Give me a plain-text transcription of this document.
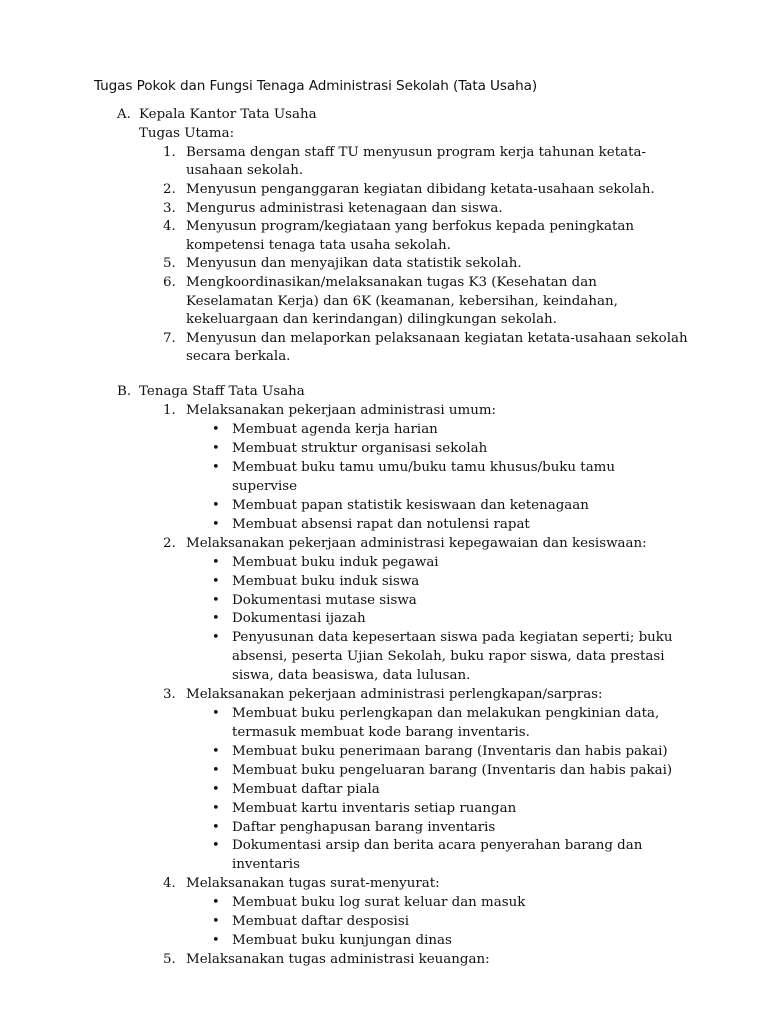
Tugas Pokok dan Fungsi Tenaga Administrasi Sekolah (Tata Usaha)
A. Kepala Kantor Tata Usaha
Tugas Utama:
1. Bersama dengan staff TU menyusun program kerja tahunan ketata-
usahaan sekolah.
2. Menyusun penganggaran kegiatan dibidang ketata-usahaan sekolah.
3. Mengurus administrasi ketenagaan dan siswa.
4. Menyusun program/kegiataan yang berfokus kepada peningkatan
kompetensi tenaga tata usaha sekolah.
5. Menyusun dan menyajikan data statistik sekolah.
6. Mengkoordinasikan/melaksanakan tugas K3 (Kesehatan dan
Keselamatan Kerja) dan 6K (keamanan, kebersihan, keindahan,
kekeluargaan dan kerindangan) dilingkungan sekolah.
7. Menyusun dan melaporkan pelaksanaan kegiatan ketata-usahaan sekolah
secara berkala.
B. Tenaga Staff Tata Usaha
1. Melaksanakan pekerjaan administrasi umum:
• Membuat agenda kerja harian
• Membuat struktur organisasi sekolah
• Membuat buku tamu umu/buku tamu khusus/buku tamu
supervise
• Membuat papan statistik kesiswaan dan ketenagaan
• Membuat absensi rapat dan notulensi rapat
2. Melaksanakan pekerjaan administrasi kepegawaian dan kesiswaan:
• Membuat buku induk pegawai
• Membuat buku induk siswa
• Dokumentasi mutase siswa
• Dokumentasi ijazah
• Penyusunan data kepesertaan siswa pada kegiatan seperti; buku
absensi, peserta Ujian Sekolah, buku rapor siswa, data prestasi
siswa, data beasiswa, data lulusan.
3. Melaksanakan pekerjaan administrasi perlengkapan/sarpras:
• Membuat buku perlengkapan dan melakukan pengkinian data,
termasuk membuat kode barang inventaris.
• Membuat buku penerimaan barang (Inventaris dan habis pakai)
• Membuat buku pengeluaran barang (Inventaris dan habis pakai)
• Membuat daftar piala
• Membuat kartu inventaris setiap ruangan
• Daftar penghapusan barang inventaris
• Dokumentasi arsip dan berita acara penyerahan barang dan
inventaris
4. Melaksanakan tugas surat-menyurat:
• Membuat buku log surat keluar dan masuk
• Membuat daftar desposisi
• Membuat buku kunjungan dinas
5. Melaksanakan tugas administrasi keuangan:
